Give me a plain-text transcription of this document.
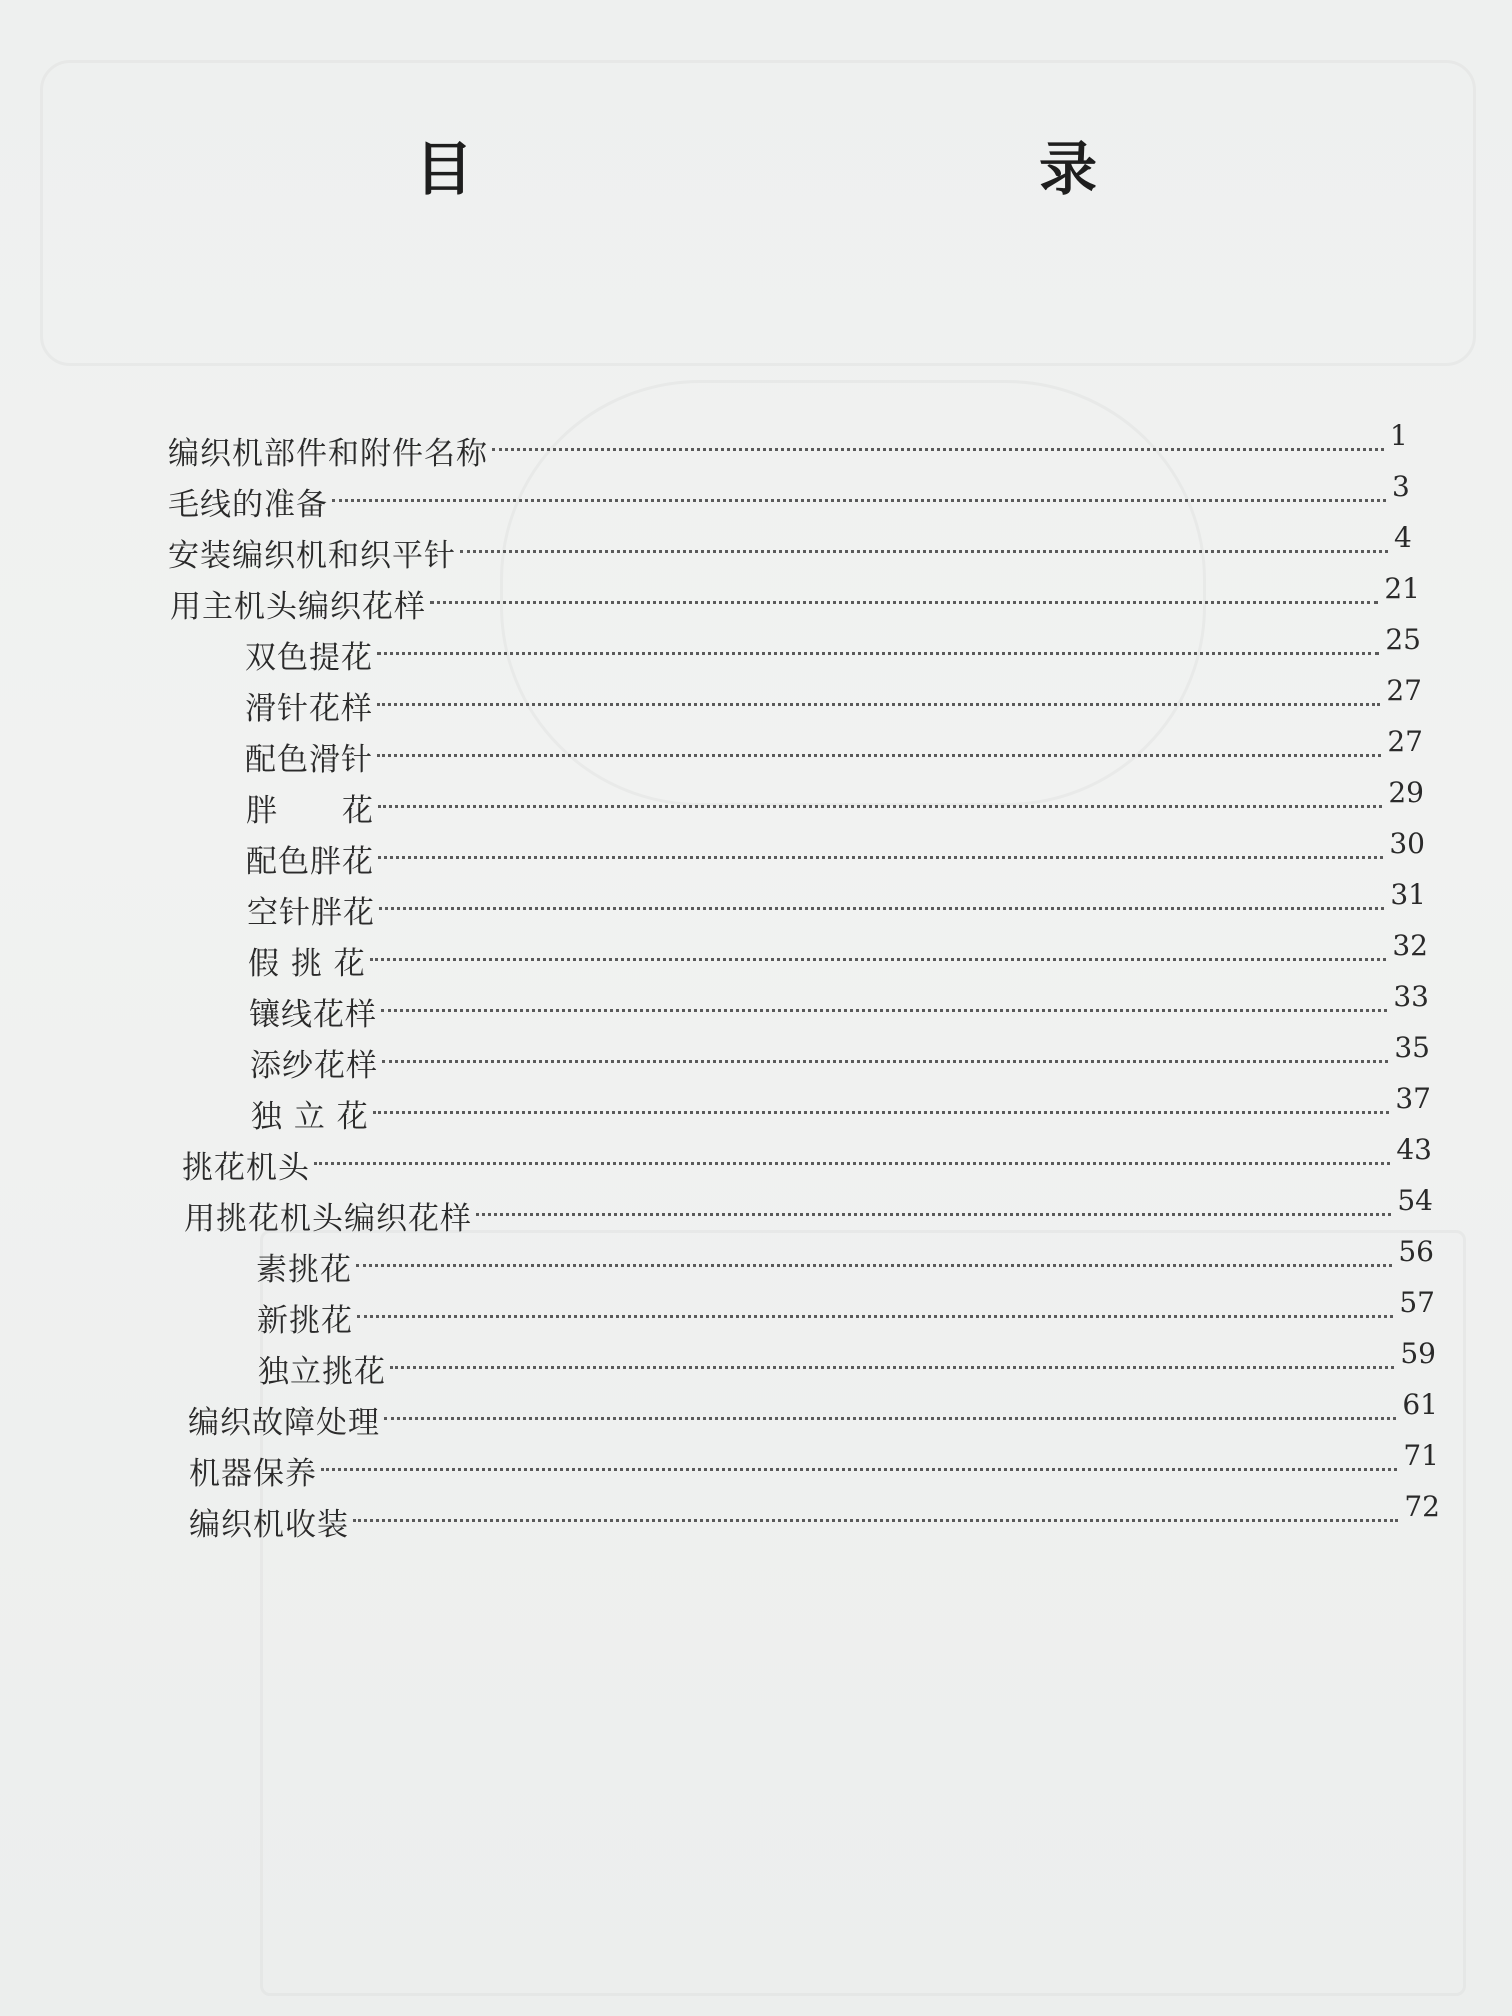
目　　录
编织机部件和附件名称
1
毛线的准备
3
安装编织机和织平针
4
用主机头编织花样
21
双色提花
25
滑针花样
27
配色滑针
27
胖　　花
29
配色胖花
30
空针胖花
31
假 挑 花
32
镶线花样
33
添纱花样
35
独 立 花
37
挑花机头
43
用挑花机头编织花样
54
素挑花
56
新挑花
57
独立挑花
59
编织故障处理
61
机器保养
71
编织机收装
72
